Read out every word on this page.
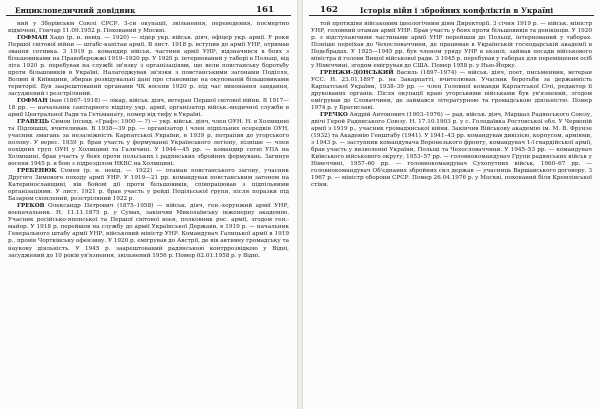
Енциклопедичний довідник	161

ний у Зборівськм Союзі СРСР. З-си окупації, звільнення, переведення, посмертно відмічені, Гончар 11.09.1952 р. Похований у Москві.

ГОФМАН Хадо (р. н. невід. — 1920) — лідер укр. військ. діяч, офіцер укр. армії. У роки Першої світової війни — штабс-капітан армії. В лист. 1918 р. вступив до армії УНР, отримав звання сотника. З 1919 р. командир військ. частини армії УНР, відзначився в боях з більшовиками на Правобережжі 1919–1920 рр. У 1920 р. інтернований у таборі в Польщі, від літа 1920 р. перебував на службі зв'язку з організаціями, що вели повстанську боротьбу проти більшовиків в Україні. Налагоджував зв'язки з повстанськими загонами Поділля, Волині й Київщини, збирав розвідувальні дані про становище на окупованій більшовиками території. Був заарештований органами ЧК восени 1920 р. під час виконання завдання, засуджений і розстріляний.

ГОФМАН Іван (1867–1918) — лікар, військ. діяч, ветеран Першої світової війни. В 1917—18 рр. — начальник санітарного відділу укр. армії, організатор військ.-медичної служби в армії Центральної Ради та Гетьманату, помер від тифу в Україні.

ГРАВЕЦЬ Симон (псевд. «Граф»; 1900 — ?) — укр. військ. діяч, член ОУН. Н. в Холмщині та Підляшші, вчителював. В 1938—39 рр. — організатор і член підпільних осередків ОУН, учасник змагань за незалежність Карпатської України, в 1939 р. потрапив до угорського полону. У верес. 1939 р. брав участь у формуванні Українського легіону, пізніше — член похідних груп ОУН у Холмщині та Галичині. У 1944—45 рр. — командир сотні УПА на Холмщині, брав участь у боях проти польських і радянських збройних формувань. Загинув восени 1945 р. в бою з підрозділом НКВС на Холмщині.

ГРЕБЕНЮК Семен (р. н. невід. — 1922) — отаман повстанського загону, учасник Другого Зимового походу армії УНР. У 1919—21 рр. командував повстанським загоном на Катеринославщині, вів бойові дії проти більшовиків, співпрацював з підпільними організаціями. У лист. 1921 р. брав участь у рейді Подільської групи, після поразки під Базаром схоплений, розстріляний 1922 р.

ГРЕКОВ Олександр Петрович (1875–1958) — військ. діяч, ген.-хорунжий армії УНР, воєначальник. Н. 11.11.1875 р. у Сумах, закінчив Миколаївську інженерну академію. Учасник російсько-японської та Першої світової воєн, полковник рос. армії, згодом ген.-майор. У 1918 р. перейшов на службу до армії Української Держави, в 1919 р. — начальник Генерального штабу армії УНР, військовий міністр УНР. Командувач Галицької армії в 1919 р., провів Чортківську офензиву. У 1920 р. емігрував до Австрії, де вів активну громадську та наукову діяльність. У 1945 р. заарештований радянською контррозвідкою у Відні, засуджений до 10 років ув'язнення, звільнений 1956 р. Помер 02.01.1958 р. у Відні.

162	Історія війн і збройних конфліктів в Україні

той протидіяв військовим ідеологічним діям Директорії. 3 січня 1919 р. — військ. міністр УНР, головний отаман армії УНР. Брав участь у боях проти більшовиків та денікінців. У 1920 р. з відступаючими частинами армії УНР перейшов до Польщі, інтернований у таборах. Пізніше переїхав до Чехословаччини, де працював в Українській господарській академії в Подєбрадах. У 1925—1945 рр. був членом уряду УНР в екзилі, займав посади військового міністра й голови Вищої військової ради. З 1945 р. перебував у таборах для переміщених осіб у Німеччині, згодом емігрував до США. Помер 1958 р. у Нью-Йорку.

ГРЕНЖИ-ДОНСЬКИЙ Василь (1897–1974) — військ. діяч, поет, письменник, ветеран УСС. Н. 23.01.1897 р. на Закарпатті, вчителював. Учасник боротьби за державність Карпатської України, 1938–39 рр. — член Головної команди Карпатської Січі, редактор її друкованих органів. Після окупації краю угорськими військами був ув'язнений, згодом емігрував до Словаччини, де займався літературною та громадською діяльністю. Помер 1974 р. у Братиславі.

ГРЕЧКО Андрій Антонович (1903–1976) — рад. військ. діяч, Маршал Радянського Союзу, двічі Герой Радянського Союзу. Н. 17.10.1903 р. у с. Голодаївка Ростовської обл. У Червоній армії з 1919 р., учасник громадянської війни. Закінчив Військову академію ім. М. В. Фрунзе (1932) та Академію Генштабу (1941). У 1941–43 рр. командував дивізією, корпусом, арміями, з 1943 р. — заступник командувача Воронезького фронту, командувач 1-ї гвардійської армії, брав участь у визволенні України, Польщі та Чехословаччини. У 1945–53 рр. — командувач Київського військового округу, 1953–57 рр. — головнокомандувач Групи радянських військ у Німеччині, 1957–60 рр. — головнокомандувач Сухопутних військ, 1960–67 рр. — головнокомандувач Об'єднаних збройних сил держав — учасниць Варшавського договору. З 1967 р. — міністр оборони СРСР. Помер 26.04.1976 р. у Москві, похований біля Кремлівської стіни.
